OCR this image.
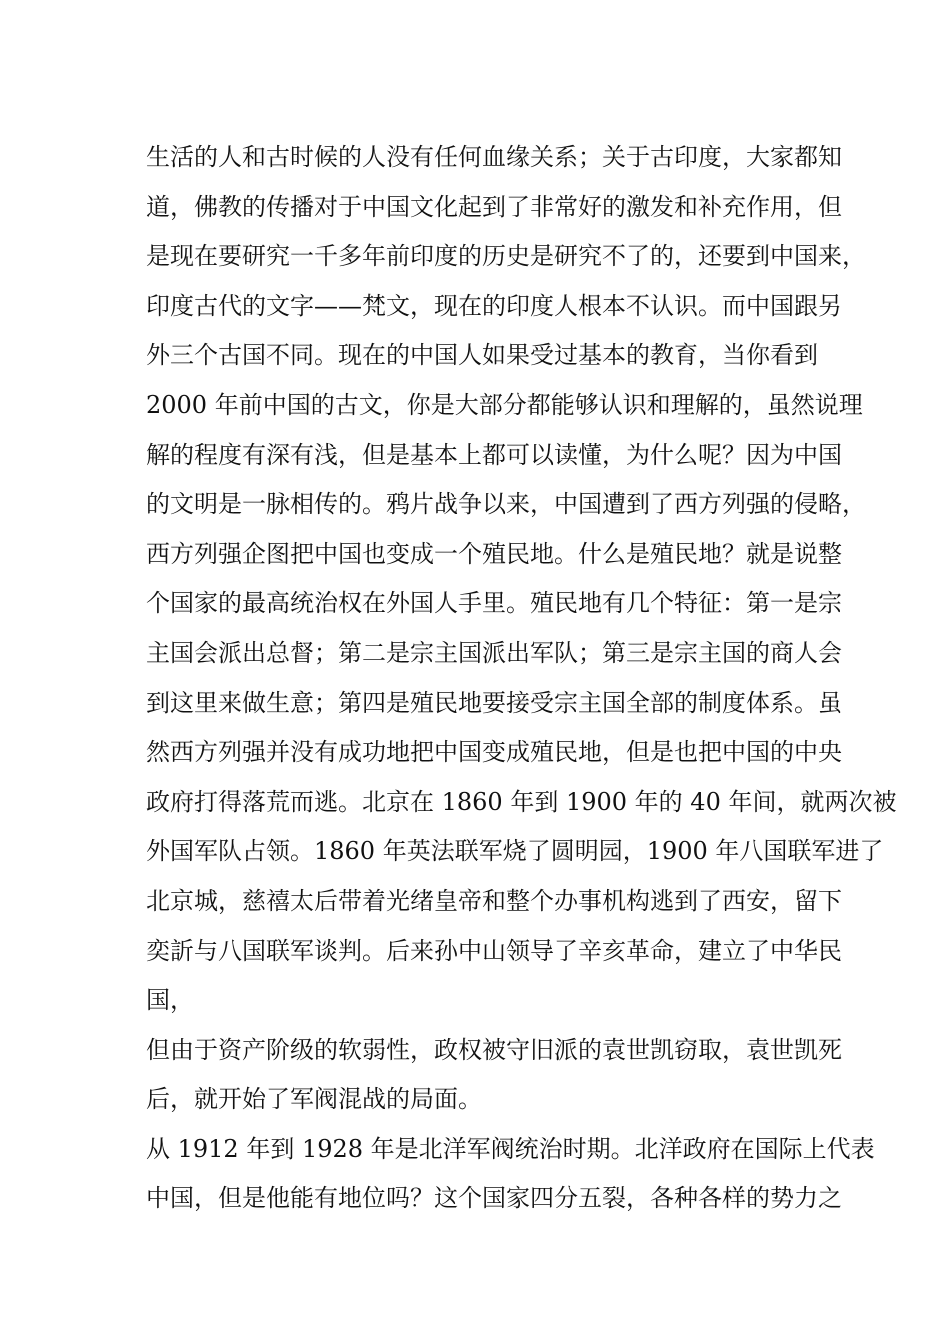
生活的人和古时候的人没有任何血缘关系；关于古印度，大家都知
道，佛教的传播对于中国文化起到了非常好的激发和补充作用，但
是现在要研究一千多年前印度的历史是研究不了的，还要到中国来，
印度古代的文字——梵文，现在的印度人根本不认识。而中国跟另
外三个古国不同。现在的中国人如果受过基本的教育，当你看到
2000 年前中国的古文，你是大部分都能够认识和理解的，虽然说理
解的程度有深有浅，但是基本上都可以读懂，为什么呢？因为中国
的文明是一脉相传的。鸦片战争以来，中国遭到了西方列强的侵略，
西方列强企图把中国也变成一个殖民地。什么是殖民地？就是说整
个国家的最高统治权在外国人手里。殖民地有几个特征：第一是宗
主国会派出总督；第二是宗主国派出军队；第三是宗主国的商人会
到这里来做生意；第四是殖民地要接受宗主国全部的制度体系。虽
然西方列强并没有成功地把中国变成殖民地，但是也把中国的中央
政府打得落荒而逃。北京在 1860 年到 1900 年的 40 年间，就两次被
外国军队占领。1860 年英法联军烧了圆明园，1900 年八国联军进了
北京城，慈禧太后带着光绪皇帝和整个办事机构逃到了西安，留下
奕訢与八国联军谈判。后来孙中山领导了辛亥革命，建立了中华民
国，
但由于资产阶级的软弱性，政权被守旧派的袁世凯窃取，袁世凯死
后，就开始了军阀混战的局面。
从 1912 年到 1928 年是北洋军阀统治时期。北洋政府在国际上代表
中国，但是他能有地位吗？这个国家四分五裂，各种各样的势力之
